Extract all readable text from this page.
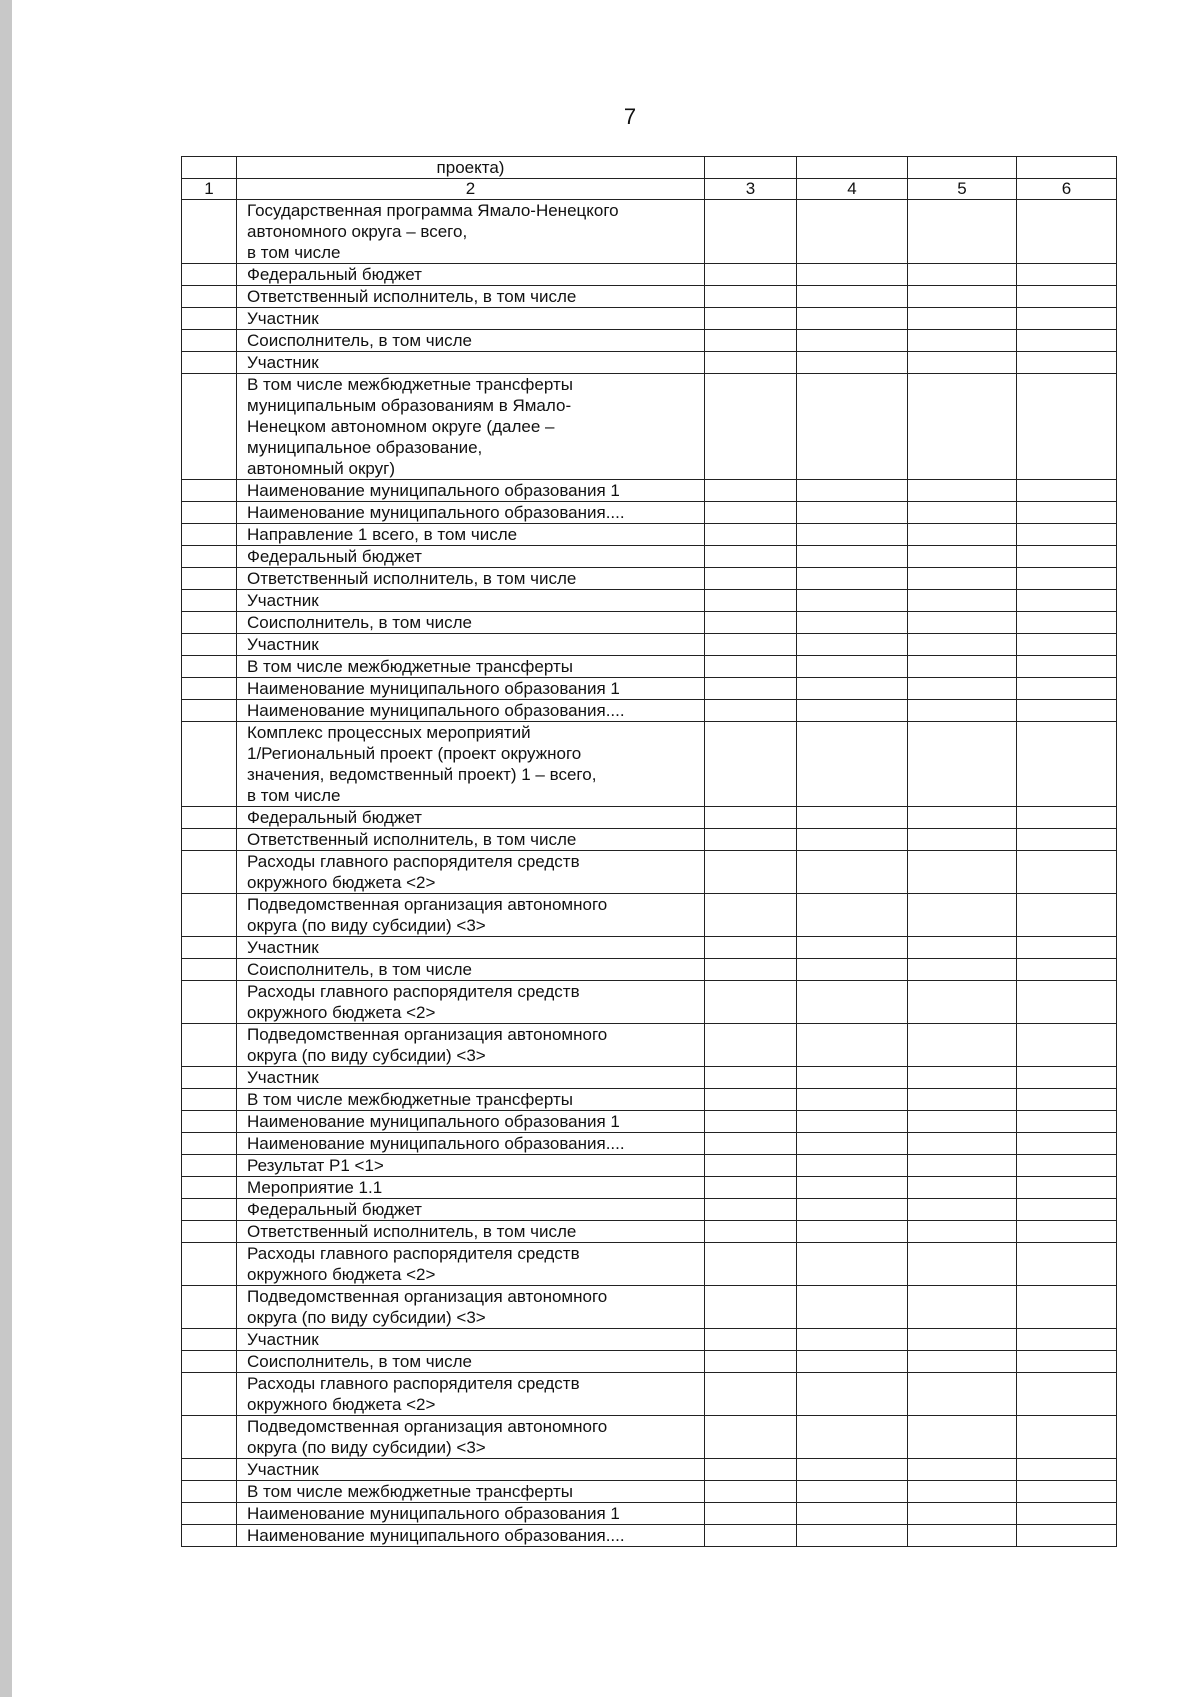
7
	проекта)				
1	2	3	4	5	6
	Государственная программа Ямало-Ненецкого
автономного округа – всего,
в том числе				
	Федеральный бюджет				
	Ответственный исполнитель, в том числе				
	Участник				
	Соисполнитель, в том числе				
	Участник				
	В том числе межбюджетные трансферты
муниципальным образованиям в Ямало-
Ненецком автономном округе (далее –
муниципальное образование,
автономный округ)				
	Наименование муниципального образования 1				
	Наименование муниципального образования....				
	Направление 1 всего, в том числе				
	Федеральный бюджет				
	Ответственный исполнитель, в том числе				
	Участник				
	Соисполнитель, в том числе				
	Участник				
	В том числе межбюджетные трансферты				
	Наименование муниципального образования 1				
	Наименование муниципального образования....				
	Комплекс процессных мероприятий
1/Региональный проект (проект окружного
значения, ведомственный проект) 1 – всего,
в том числе				
	Федеральный бюджет				
	Ответственный исполнитель, в том числе				
	Расходы главного распорядителя средств
окружного бюджета <2>				
	Подведомственная организация автономного
округа (по виду субсидии) <3>				
	Участник				
	Соисполнитель, в том числе				
	Расходы главного распорядителя средств
окружного бюджета <2>				
	Подведомственная организация автономного
округа (по виду субсидии) <3>				
	Участник				
	В том числе межбюджетные трансферты				
	Наименование муниципального образования 1				
	Наименование муниципального образования....				
	Результат Р1 <1>				
	Мероприятие 1.1				
	Федеральный бюджет				
	Ответственный исполнитель, в том числе				
	Расходы главного распорядителя средств
окружного бюджета <2>				
	Подведомственная организация автономного
округа (по виду субсидии) <3>				
	Участник				
	Соисполнитель, в том числе				
	Расходы главного распорядителя средств
окружного бюджета <2>				
	Подведомственная организация автономного
округа (по виду субсидии) <3>				
	Участник				
	В том числе межбюджетные трансферты				
	Наименование муниципального образования 1				
	Наименование муниципального образования....				
